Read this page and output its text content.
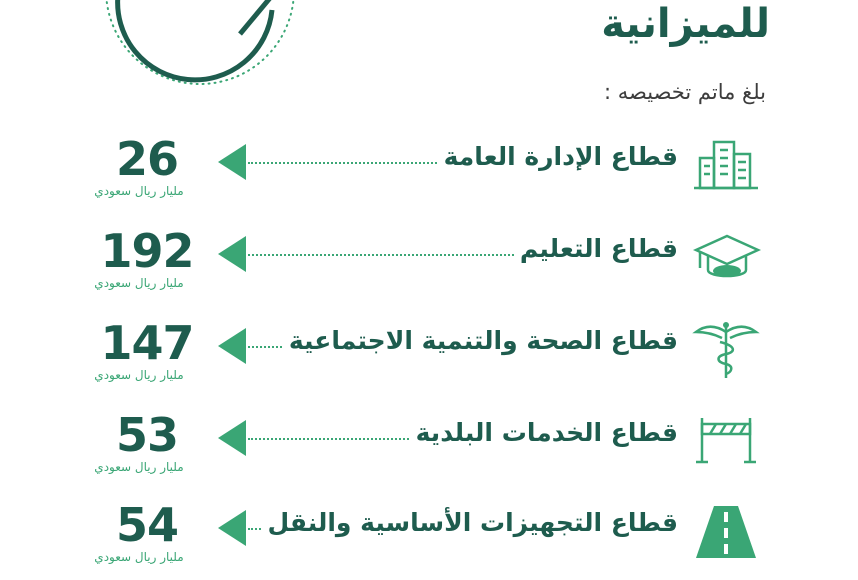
للميزانية
بلغ ماتم تخصيصه :
26
مليار ريال سعودي
قطاع الإدارة العامة
192
مليار ريال سعودي
قطاع التعليم
147
مليار ريال سعودي
قطاع الصحة والتنمية الاجتماعية
53
مليار ريال سعودي
قطاع الخدمات البلدية
54
مليار ريال سعودي
قطاع التجهيزات الأساسية والنقل
